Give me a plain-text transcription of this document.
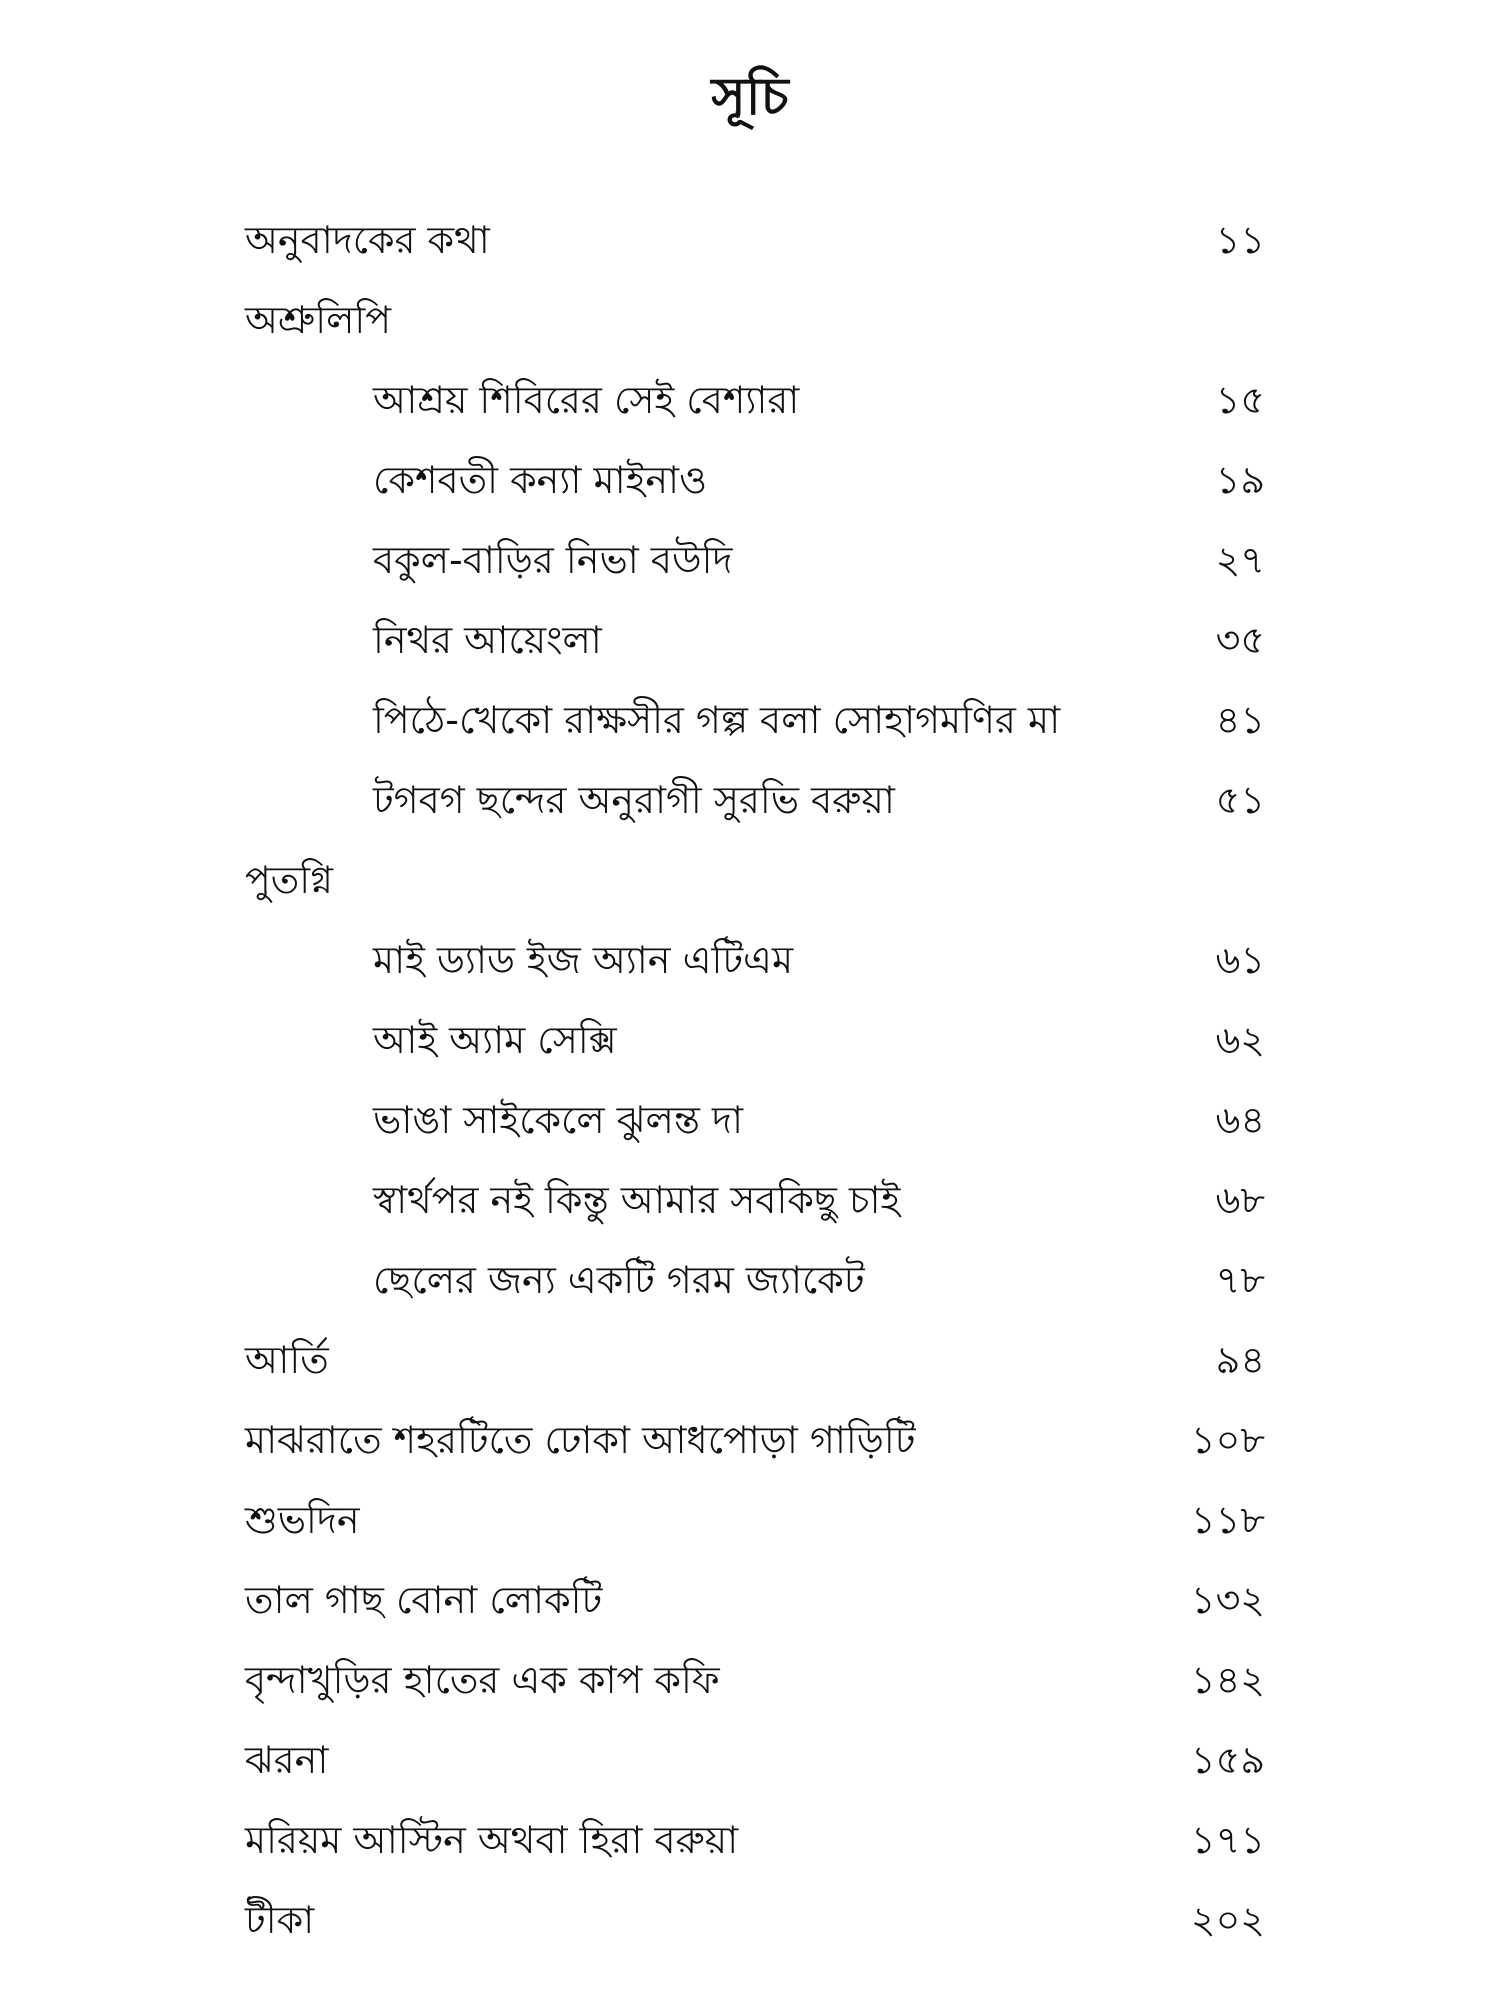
সূচি
অনুবাদকের কথা	১১
অশ্রুলিপি
আশ্রয় শিবিরের সেই বেশ্যারা	১৫
কেশবতী কন্যা মাইনাও	১৯
বকুল-বাড়ির নিভা বউদি	২৭
নিথর আয়েংলা	৩৫
পিঠে-খেকো রাক্ষসীর গল্প বলা সোহাগমণির মা	৪১
টগবগ ছন্দের অনুরাগী সুরভি বরুয়া	৫১
পুতগ্নি
মাই ড্যাড ইজ অ্যান এটিএম	৬১
আই অ্যাম সেক্সি	৬২
ভাঙা সাইকেলে ঝুলন্ত দা	৬৪
স্বার্থপর নই কিন্তু আমার সবকিছু চাই	৬৮
ছেলের জন্য একটি গরম জ্যাকেট	৭৮
আর্তি	৯৪
মাঝরাতে শহরটিতে ঢোকা আধপোড়া গাড়িটি	১০৮
শুভদিন	১১৮
তাল গাছ বোনা লোকটি	১৩২
বৃন্দাখুড়ির হাতের এক কাপ কফি	১৪২
ঝরনা	১৫৯
মরিয়ম আস্টিন অথবা হিরা বরুয়া	১৭১
টীকা	২০২
